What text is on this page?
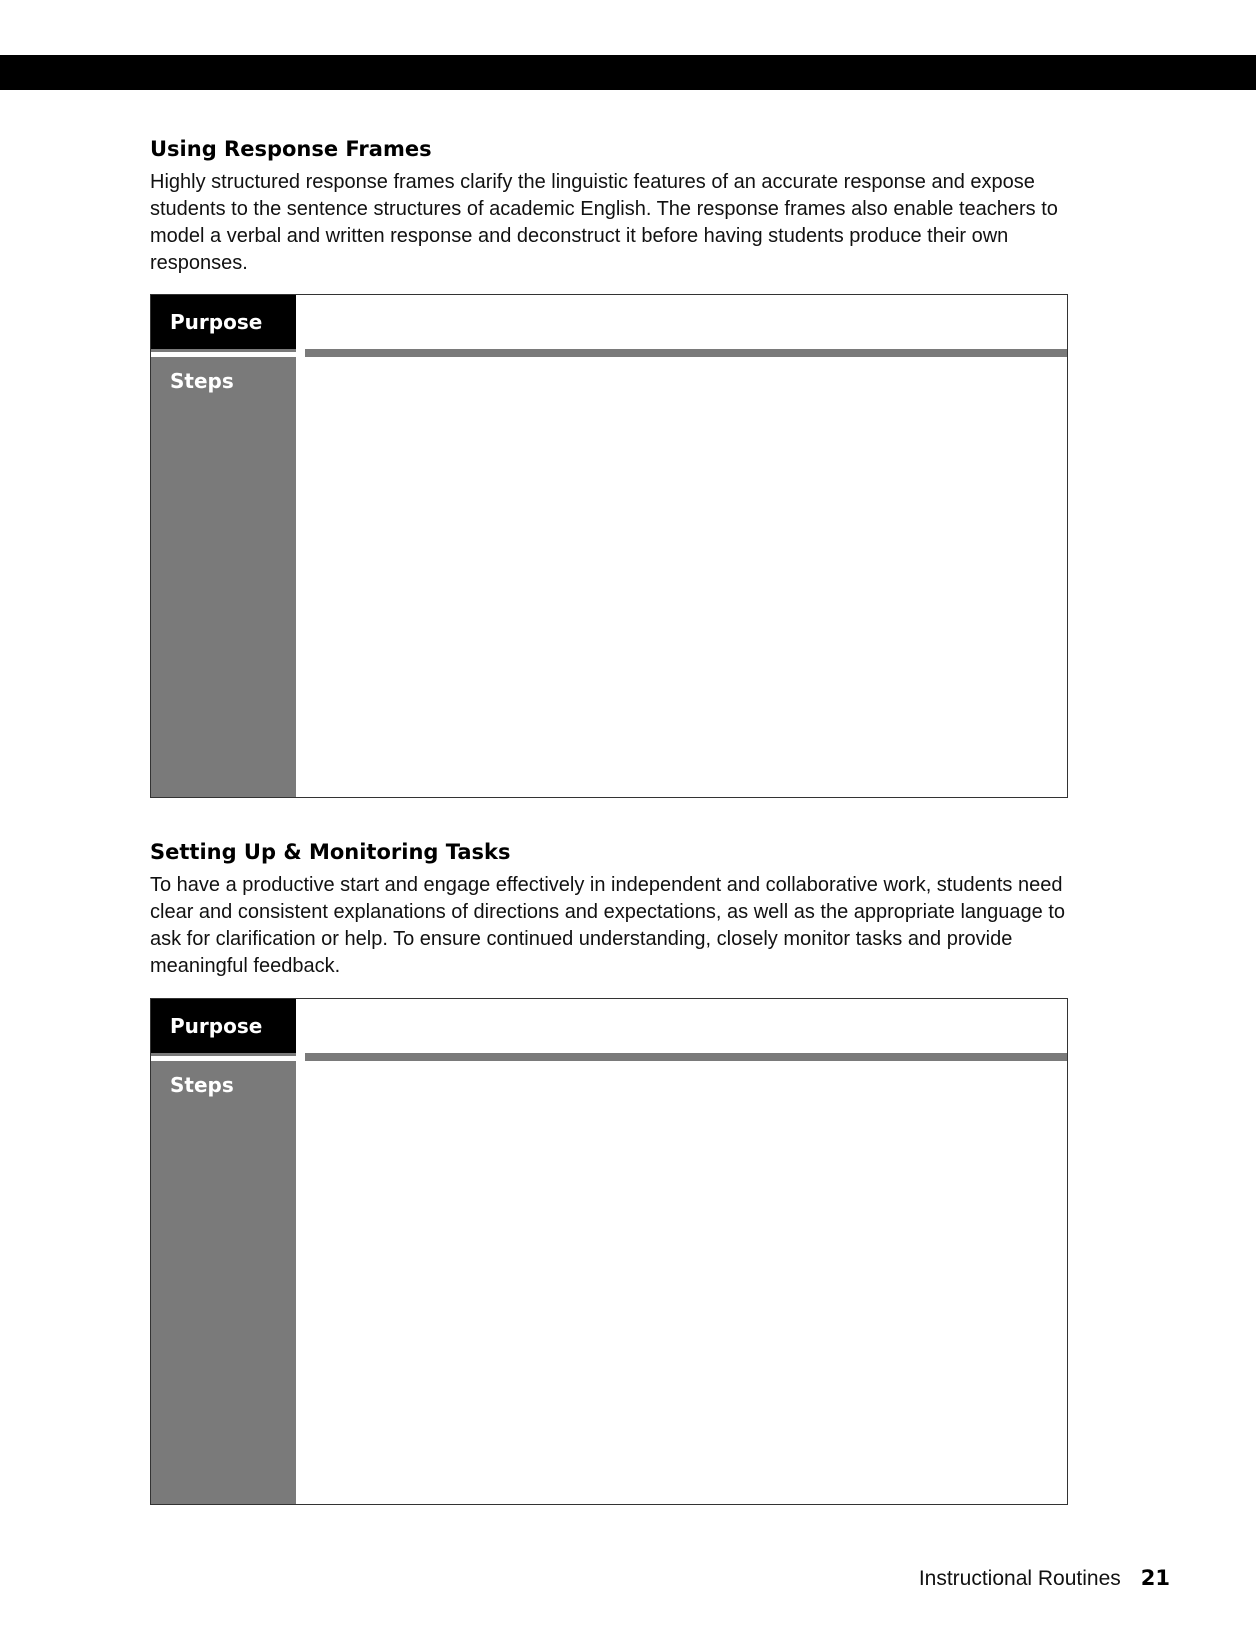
Using Response Frames

Highly structured response frames clarify the linguistic features of an accurate response and expose students to the sentence structures of academic English. The response frames also enable teachers to model a verbal and written response and deconstruct it before having students produce their own responses.

Purpose
Steps
Setting Up & Monitoring Tasks

To have a productive start and engage effectively in independent and collaborative work, students need clear and consistent explanations of directions and expectations, as well as the appropriate language to ask for clarification or help. To ensure continued understanding, closely monitor tasks and provide meaningful feedback.

Purpose
Steps
Instructional Routines 21
